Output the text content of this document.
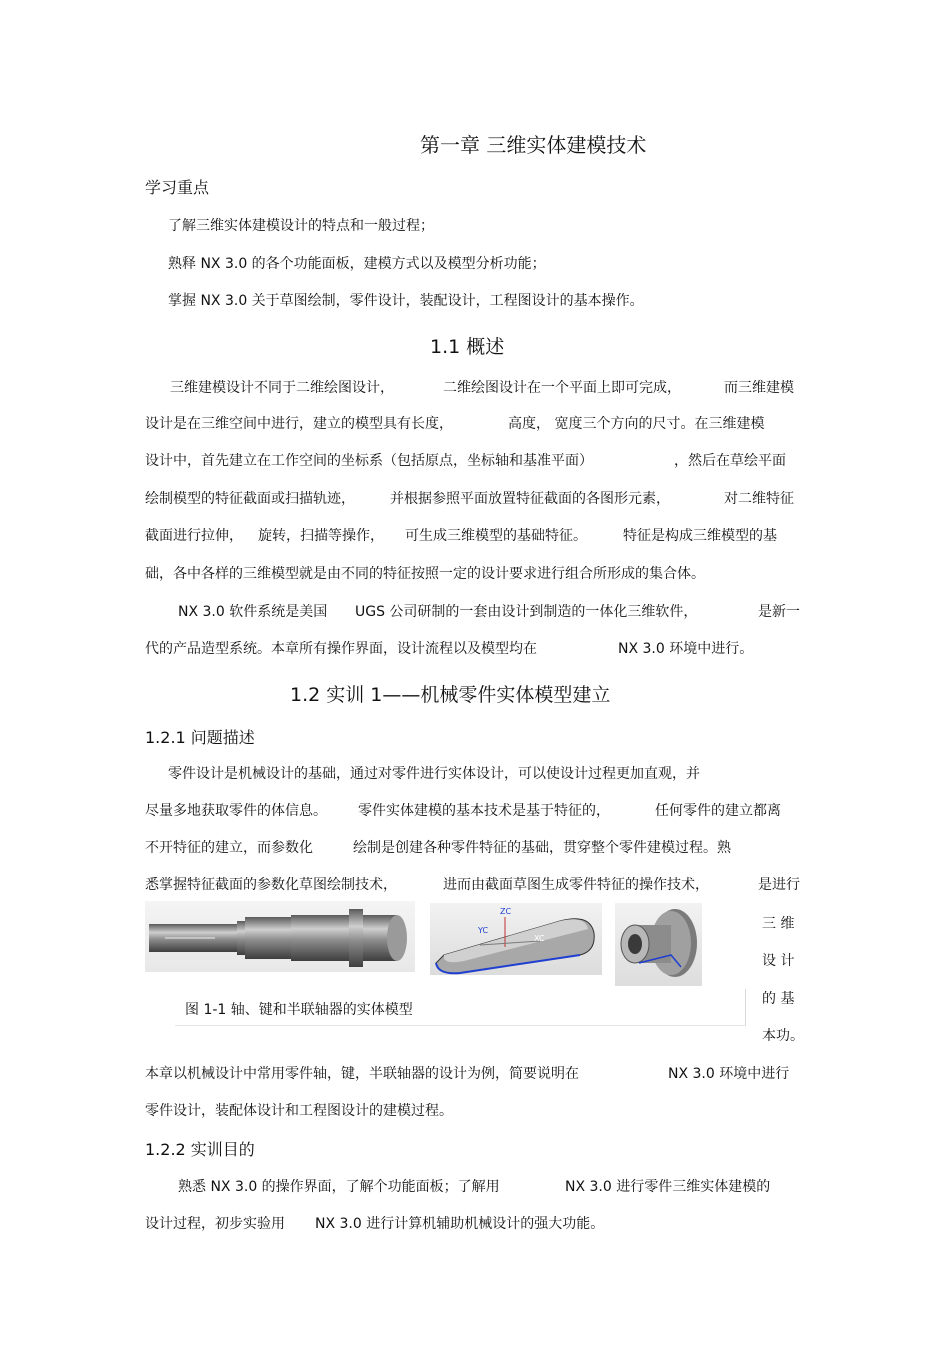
第一章 三维实体建模技术
学习重点
了解三维实体建模设计的特点和一般过程；
熟释 NX 3.0 的各个功能面板，建模方式以及模型分析功能；
掌握 NX 3.0 关于草图绘制，零件设计，装配设计，工程图设计的基本操作。
1.1 概述
三维建模设计不同于二维绘图设计，	二维绘图设计在一个平面上即可完成，	而三维建模
设计是在三维空间中进行，建立的模型具有长度，	高度， 宽度三个方向的尺寸。在三维建模
设计中，首先建立在工作空间的坐标系（包括原点，坐标轴和基准平面）	，然后在草绘平面
绘制模型的特征截面或扫描轨迹，	并根据参照平面放置特征截面的各图形元素，	对二维特征
截面进行拉伸， 旋转，扫描等操作， 可生成三维模型的基础特征。	特征是构成三维模型的基
础，各中各样的三维模型就是由不同的特征按照一定的设计要求进行组合所形成的集合体。
NX 3.0 软件系统是美国 UGS 公司研制的一套由设计到制造的一体化三维软件，	是新一
代的产品造型系统。本章所有操作界面，设计流程以及模型均在	NX 3.0 环境中进行。
1.2 实训 1——机械零件实体模型建立
1.2.1 问题描述
零件设计是机械设计的基础，通过对零件进行实体设计，可以使设计过程更加直观，并
尽量多地获取零件的体信息。 零件实体建模的基本技术是基于特征的，	任何零件的建立都离
不开特征的建立，而参数化	绘制是创建各种零件特征的基础，贯穿整个零件建模过程。熟
悉掌握特征截面的参数化草图绘制技术，	进而由截面草图生成零件特征的操作技术，	是进行
ZC
YC
XC
图 1-1 轴、键和半联轴器的实体模型
三 维
设 计
的 基
本功。
本章以机械设计中常用零件轴，键，半联轴器的设计为例，简要说明在	NX 3.0 环境中进行
零件设计，装配体设计和工程图设计的建模过程。
1.2.2 实训目的
熟悉 NX 3.0 的操作界面，了解个功能面板；了解用	NX 3.0 进行零件三维实体建模的
设计过程，初步实验用 NX 3.0 进行计算机辅助机械设计的强大功能。
